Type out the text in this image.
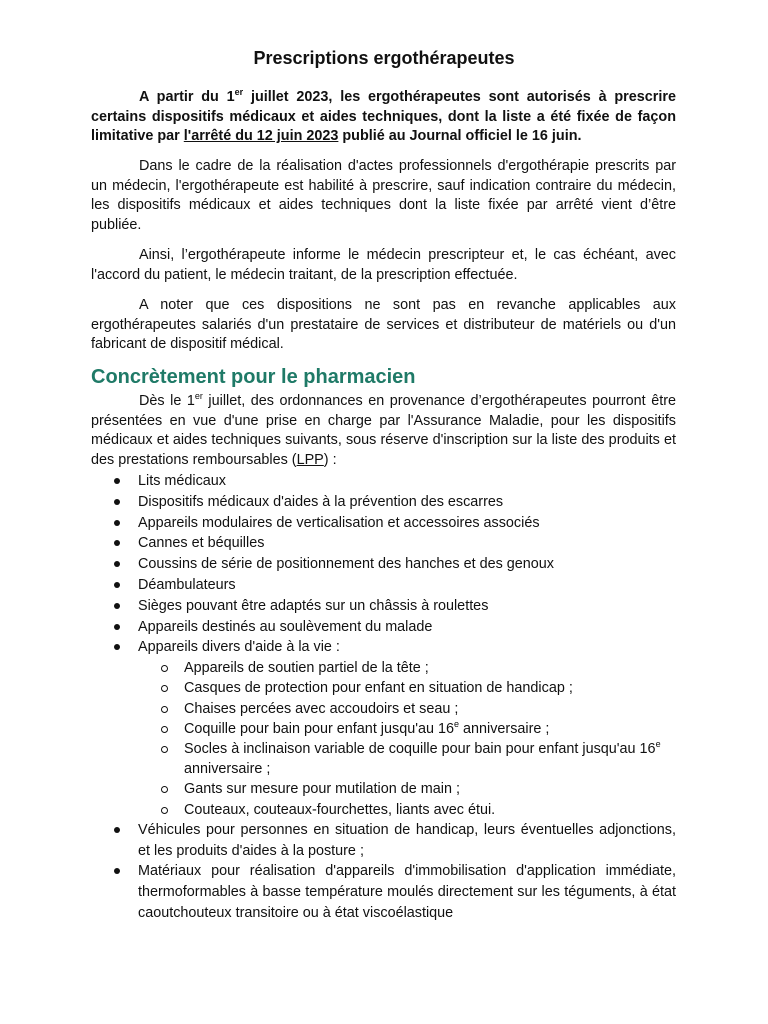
Prescriptions ergothérapeutes

A partir du 1er juillet 2023, les ergothérapeutes sont autorisés à prescrire certains dispositifs médicaux et aides techniques, dont la liste a été fixée de façon limitative par l'arrêté du 12 juin 2023 publié au Journal officiel le 16 juin.

Dans le cadre de la réalisation d'actes professionnels d'ergothérapie prescrits par un médecin, l'ergothérapeute est habilité à prescrire, sauf indication contraire du médecin, les dispositifs médicaux et aides techniques dont la liste fixée par arrêté vient d’être publiée.

Ainsi, l’ergothérapeute informe le médecin prescripteur et, le cas échéant, avec l'accord du patient, le médecin traitant, de la prescription effectuée.

A noter que ces dispositions ne sont pas en revanche applicables aux ergothérapeutes salariés d'un prestataire de services et distributeur de matériels ou d'un fabricant de dispositif médical.

Concrètement pour le pharmacien

Dès le 1er juillet, des ordonnances en provenance d’ergothérapeutes pourront être présentées en vue d'une prise en charge par l'Assurance Maladie, pour les dispositifs médicaux et aides techniques suivants, sous réserve d'inscription sur la liste des produits et des prestations remboursables (LPP) :

Lits médicaux
Dispositifs médicaux d'aides à la prévention des escarres
Appareils modulaires de verticalisation et accessoires associés
Cannes et béquilles
Coussins de série de positionnement des hanches et des genoux
Déambulateurs
Sièges pouvant être adaptés sur un châssis à roulettes
Appareils destinés au soulèvement du malade
Appareils divers d'aide à la vie :
Appareils de soutien partiel de la tête ;
Casques de protection pour enfant en situation de handicap ;
Chaises percées avec accoudoirs et seau ;
Coquille pour bain pour enfant jusqu'au 16e anniversaire ;
Socles à inclinaison variable de coquille pour bain pour enfant jusqu'au 16e anniversaire ;
Gants sur mesure pour mutilation de main ;
Couteaux, couteaux-fourchettes, liants avec étui.
Véhicules pour personnes en situation de handicap, leurs éventuelles adjonctions, et les produits d'aides à la posture ;
Matériaux pour réalisation d'appareils d'immobilisation d'application immédiate, thermoformables à basse température moulés directement sur les téguments, à état caoutchouteux transitoire ou à état viscoélastique
